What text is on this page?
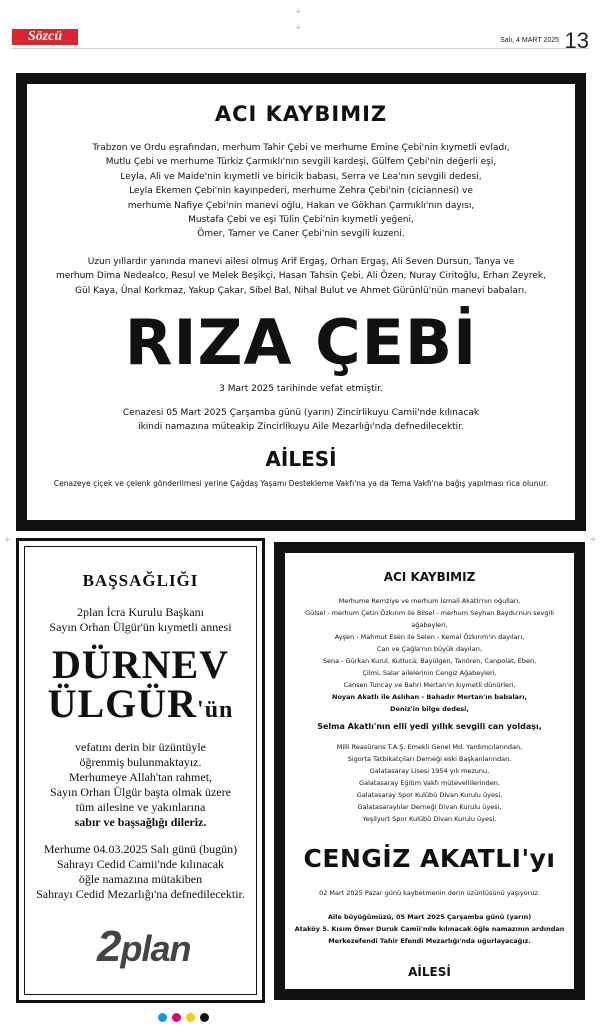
Sözcü	Salı, 4 MART 2025 13
+
+
+	+
ACI KAYBIMIZ

Trabzon ve Ordu eşrafından, merhum Tahir Çebi ve merhume Emine Çebi'nin kıymetli evladı,

Mutlu Çebi ve merhume Türkiz Çarmıklı'nın sevgili kardeşi, Gülfem Çebi'nin değerli eşi,

Leyla, Ali ve Maide'nin kıymetli ve biricik babası, Serra ve Lea'nın sevgili dedesi,

Leyla Ekemen Çebi'nin kayınpederi, merhume Zehra Çebi'nin (ciciannesi) ve

merhume Nafiye Çebi'nin manevi oğlu, Hakan ve Gökhan Çarmıklı'nın dayısı,

Mustafa Çebi ve eşi Tülin Çebi'nin kıymetli yeğeni,

Ömer, Tamer ve Caner Çebi'nin sevgili kuzeni.

Uzun yıllardır yanında manevi ailesi olmuş Arif Ergaş, Orhan Ergaş, Ali Seven Dursun, Tanya ve

merhum Dima Nedealco, Resul ve Melek Beşikçi, Hasan Tahsin Çebi, Ali Özen, Nuray Ciritoğlu, Erhan Zeyrek,

Gül Kaya, Ünal Korkmaz, Yakup Çakar, Sibel Bal, Nihal Bulut ve Ahmet Gürünlü'nün manevi babaları.

RIZA ÇEBİ

3 Mart 2025 tarihinde vefat etmiştir.

Cenazesi 05 Mart 2025 Çarşamba günü (yarın) Zincirlikuyu Camii'nde kılınacak

ikindi namazına müteakip Zincirlikuyu Aile Mezarlığı'nda defnedilecektir.

AİLESİ

Cenazeye çiçek ve çelenk gönderilmesi yerine Çağdaş Yaşamı Destekleme Vakfı'na ya da Tema Vakfı'na bağış yapılması rica olunur.

BAŞSAĞLIĞI

2plan İcra Kurulu Başkanı

Sayın Orhan Ülgür'ün kıymetli annesi

DÜRNEV
ÜLGÜR'ün

vefatını derin bir üzüntüyle

öğrenmiş bulunmaktayız.

Merhumeye Allah'tan rahmet,

Sayın Orhan Ülgür başta olmak üzere

tüm ailesine ve yakınlarına

sabır ve başsağlığı dileriz.

Merhume 04.03.2025 Salı günü (bugün)

Sahrayı Cedid Camii'nde kılınacak

öğle namazına mütakiben

Sahrayı Cedid Mezarlığı'na defnedilecektir.

2plan
ACI KAYBIMIZ

Merhume Remziye ve merhum İsmail Akatlı'nın oğulları,

Gülsel - merhum Çetin Özkırım ile Bilsel - merhum Seyhan Baydu'nun sevgili ağabeyleri,

Ayşen - Mahmut Esen ile Selen - Kemal Özkırım'ın dayıları,

Can ve Çağla'nın büyük dayıları,

Sena - Gürkan Kurul, Kutluca, Bayülgen, Tanören, Canpolat, Eben,

Çilmi, Salar ailelerinin Cengiz Ağabeyleri,

Cansen Tuncay ve Bahri Mertan'ın kıymetli dünürleri,

Noyan Akatlı ile Aslıhan - Bahadır Mertan'ın babaları,

Deniz'in bilge dedesi,

Selma Akatlı'nın elli yedi yıllık sevgili can yoldaşı,

Milli Reasürans T.A.Ş. Emekli Genel Md. Yardımcılarından,

Sigorta Tatbikatçıları Derneği eski Başkanlarından,

Galatasaray Lisesi 1954 yılı mezunu,

Galatasaray Eğitim Vakfı mütevellilerinden,

Galatasaray Spor Kulübü Divan Kurulu üyesi,

Galatasaraylılar Derneği Divan Kurulu üyesi,

Yeşilyurt Spor Kulübü Divan Kurulu üyesi,

CENGİZ AKATLI'yı

02 Mart 2025 Pazar günü kaybetmenin derin üzüntüsünü yaşıyoruz.

Aile büyüğümüzü, 05 Mart 2025 Çarşamba günü (yarın)

Ataköy 5. Kısım Ömer Duruk Camii'nde kılınacak öğle namazının ardından

Merkezefendi Tahir Efendi Mezarlığı'nda uğurlayacağız.

AİLESİ
